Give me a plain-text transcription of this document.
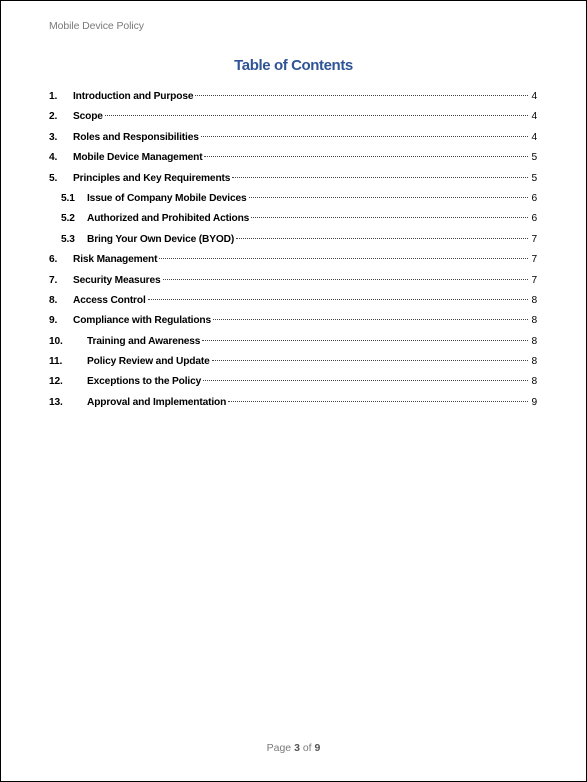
Mobile Device Policy
Table of Contents
1.	Introduction and Purpose	4
2.	Scope	4
3.	Roles and Responsibilities	4
4.	Mobile Device Management	5
5.	Principles and Key Requirements	5
5.1	Issue of Company Mobile Devices	6
5.2	Authorized and Prohibited Actions	6
5.3	Bring Your Own Device (BYOD)	7
6.	Risk Management	7
7.	Security Measures	7
8.	Access Control	8
9.	Compliance with Regulations	8
10.	Training and Awareness	8
11.	Policy Review and Update	8
12.	Exceptions to the Policy	8
13.	Approval and Implementation	9
Page 3 of 9
